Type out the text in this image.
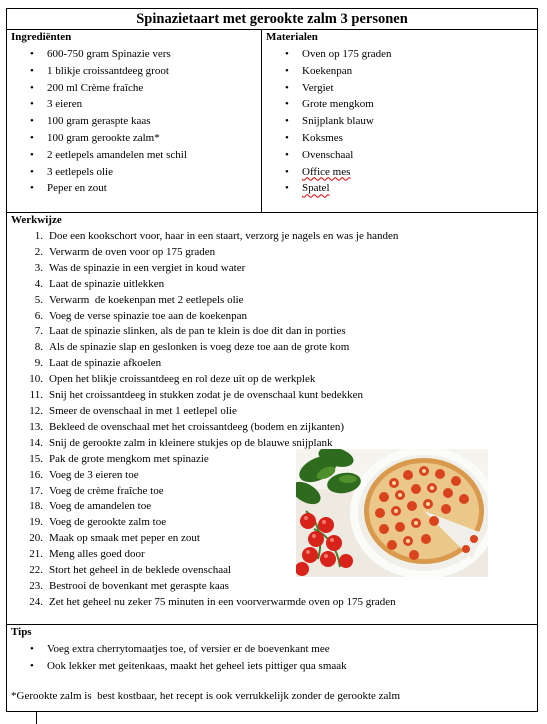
Spinazietaart met gerookte zalm 3 personen
Ingrediënten
• 600-750 gram Spinazie vers
• 1 blikje croissantdeeg groot
• 200 ml Crème fraîche
• 3 eieren
• 100 gram geraspte kaas
• 100 gram gerookte zalm*
• 2 eetlepels amandelen met schil
• 3 eetlepels olie
• Peper en zout
Materialen
• Oven op 175 graden
• Koekenpan
• Vergiet
• Grote mengkom
• Snijplank blauw
• Koksmes
• Ovenschaal
• Office mes
• Spatel
Werkwijze
1. Doe een kookschort voor, haar in een staart, verzorg je nagels en was je handen
2. Verwarm de oven voor op 175 graden
3. Was de spinazie in een vergiet in koud water
4. Laat de spinazie uitlekken
5. Verwarm  de koekenpan met 2 eetlepels olie
6. Voeg de verse spinazie toe aan de koekenpan
7. Laat de spinazie slinken, als de pan te klein is doe dit dan in porties
8. Als de spinazie slap en geslonken is voeg deze toe aan de grote kom
9. Laat de spinazie afkoelen
10. Open het blikje croissantdeeg en rol deze uit op de werkplek
11. Snij het croissantdeeg in stukken zodat je de ovenschaal kunt bedekken
12. Smeer de ovenschaal in met 1 eetlepel olie
13. Bekleed de ovenschaal met het croissantdeeg (bodem en zijkanten)
14. Snij de gerookte zalm in kleinere stukjes op de blauwe snijplank
15. Pak de grote mengkom met spinazie
16. Voeg de 3 eieren toe
17. Voeg de crème fraîche toe
18. Voeg de amandelen toe
19. Voeg de gerookte zalm toe
20. Maak op smaak met peper en zout
21. Meng alles goed door
22. Stort het geheel in de beklede ovenschaal
23. Bestrooi de bovenkant met geraspte kaas
24. Zet het geheel nu zeker 75 minuten in een voorverwarmde oven op 175 graden
Tips
• Voeg extra cherrytomaatjes toe, of versier er de boevenkant mee
• Ook lekker met geitenkaas, maakt het geheel iets pittiger qua smaak
*Gerookte zalm is  best kostbaar, het recept is ook verrukkelijk zonder de gerookte zalm
